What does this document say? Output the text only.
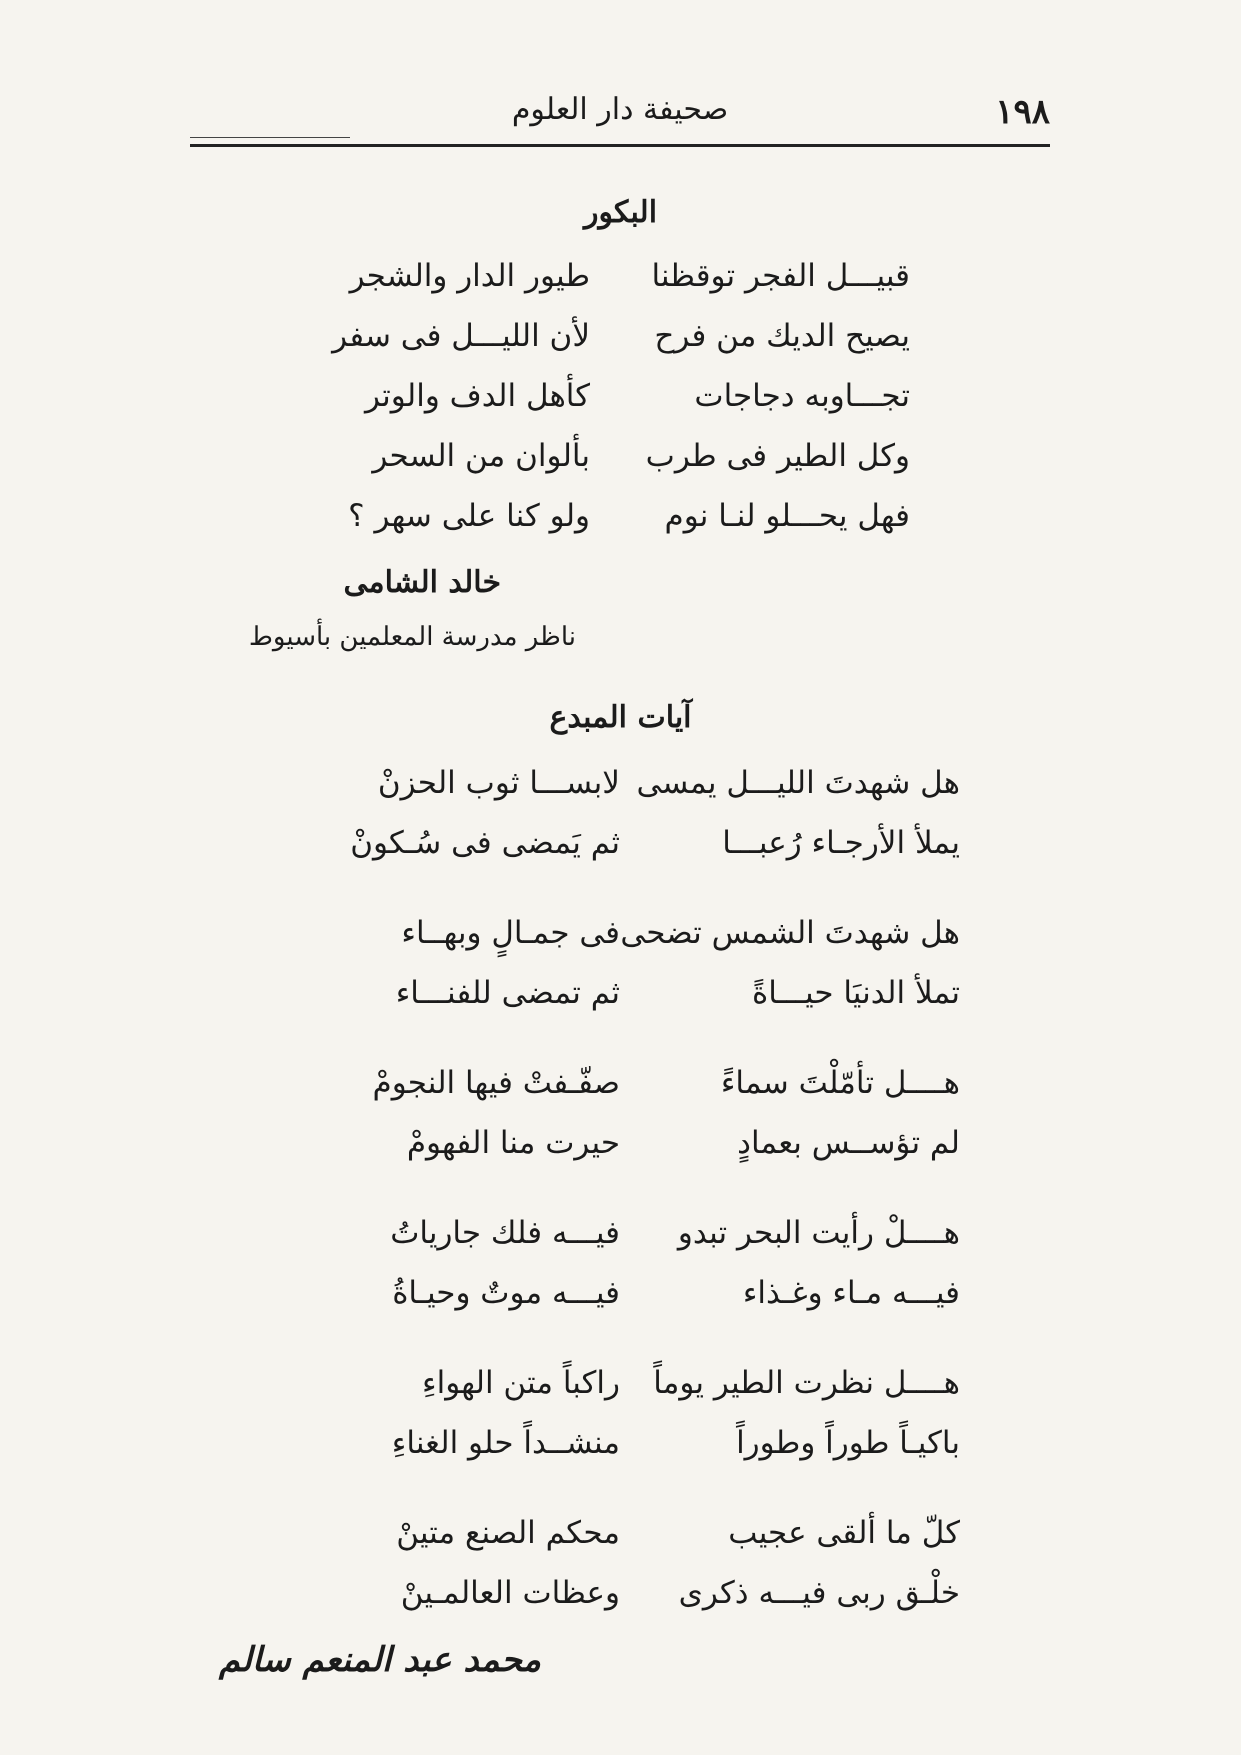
١٩٨
صحيفة دار العلوم
البكور
قبيـــل الفجر توقظنا
طيور الدار والشجر
يصيح الديك من فرح
لأن الليـــل فى سفر
تجـــاوبه دجاجات
كأهل الدف والوتر
وكل الطير فى طرب
بألوان من السحر
فهل يحـــلو لنـا نوم
ولو كنا على سهر ؟
خالد الشامى
ناظر مدرسة المعلمين بأسيوط
آيات المبدع
هل شهدتَ الليـــل يمسى
لابســـا ثوب الحزنْ
يملأ الأرجـاء رُعبـــا
ثم يَمضى فى سُـكونْ
هل شهدتَ الشمس تضحى
فى جمـالٍ وبهــاء
تملأ الدنيَا حيـــاةً
ثم تمضى للفنـــاء
هــــل تأمّلْتَ سماءً
صفّـفتْ فيها النجومْ
لم تؤســس بعمادٍ
حيرت منا الفهومْ
هــــلْ رأيت البحر تبدو
فيـــه فلك جارياتُ
فيـــه مـاء وغـذاء
فيـــه موتٌ وحيـاةُ
هــــل نظرت الطير يوماً
راكباً متن الهواءِ
باكيـاً طوراً وطوراً
منشــداً حلو الغناءِ
كلّ ما ألقى عجيب
محكم الصنع متينْ
خلْـق ربى فيـــه ذكرى
وعظات العالمـينْ
محمد عبد المنعم سالم
